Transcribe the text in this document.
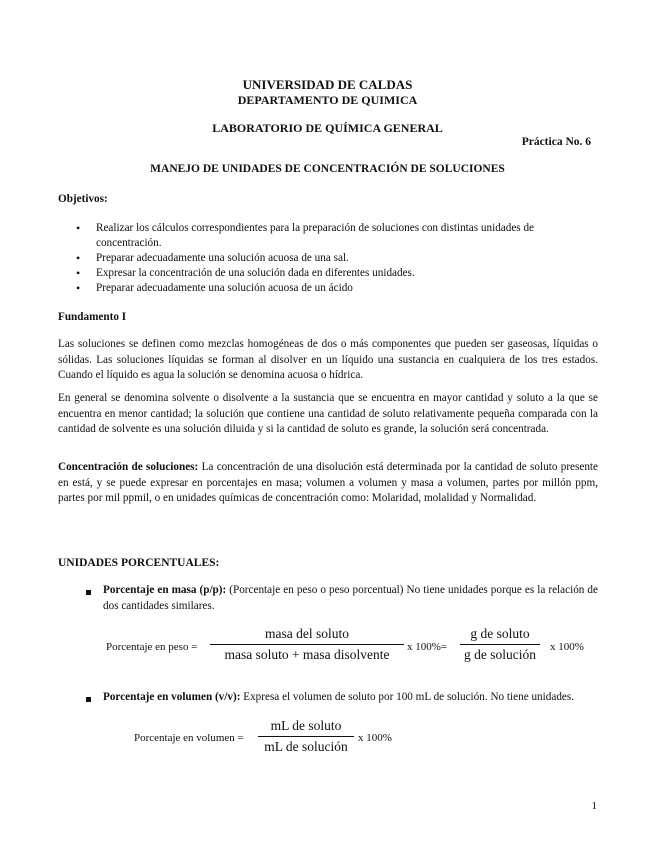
UNIVERSIDAD DE CALDAS
DEPARTAMENTO DE QUIMICA
LABORATORIO DE QUÍMICA GENERAL
Práctica No. 6
MANEJO DE UNIDADES DE CONCENTRACIÓN DE SOLUCIONES
Objetivos:
• Realizar los cálculos correspondientes para la preparación de soluciones con distintas unidades de concentración.
• Preparar adecuadamente una solución acuosa de una sal.
• Expresar la concentración de una solución dada en diferentes unidades.
• Preparar adecuadamente una solución acuosa de un ácido
Fundamento I
Las soluciones se definen como mezclas homogéneas de dos o más componentes que pueden ser gaseosas, líquidas o sólidas. Las soluciones líquidas se forman al disolver en un líquido una sustancia en cualquiera de los tres estados. Cuando el líquido es agua la solución se denomina acuosa o hídrica.
En general se denomina solvente o disolvente a la sustancia que se encuentra en mayor cantidad y soluto a la que se encuentra en menor cantidad; la solución que contiene una cantidad de soluto relativamente pequeña comparada con la cantidad de solvente es una solución diluida y si la cantidad de soluto es grande, la solución será concentrada.
Concentración de soluciones: La concentración de una disolución está determinada por la cantidad de soluto presente en está, y se puede expresar en porcentajes en masa; volumen a volumen y masa a volumen, partes por millón ppm, partes por mil ppmil, o en unidades químicas de concentración como: Molaridad, molalidad y Normalidad.
UNIDADES PORCENTUALES:
Porcentaje en masa (p/p): (Porcentaje en peso o peso porcentual) No tiene unidades porque es la relación de dos cantidades similares.
Porcentaje en peso =
masa del soluto
masa soluto + masa disolvente	x 100%=
g de soluto
g de solución	x 100%
Porcentaje en volumen (v/v): Expresa el volumen de soluto por 100 mL de solución. No tiene unidades.
Porcentaje en volumen =
mL de soluto
mL de solución
x 100%
1
